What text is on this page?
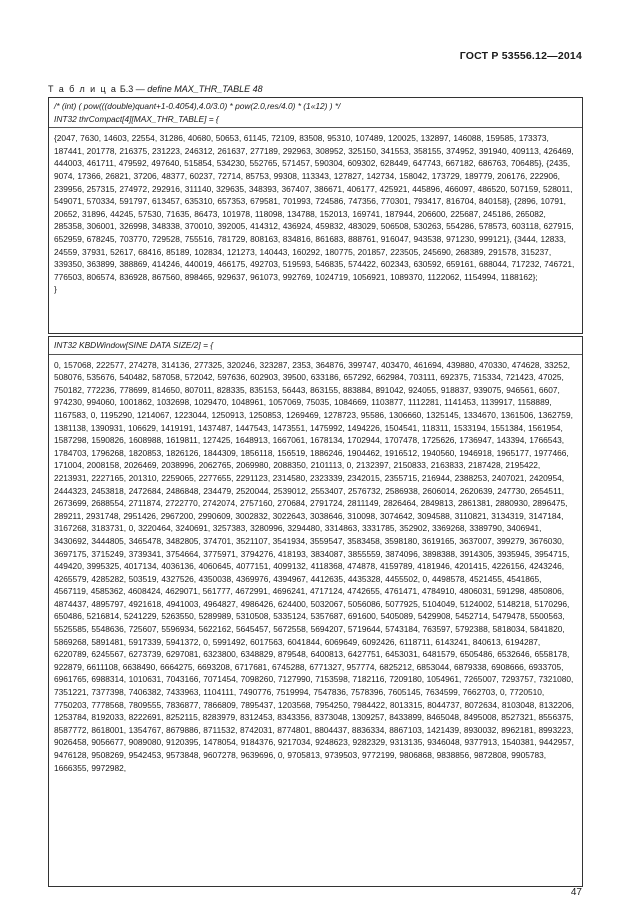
ГОСТ Р 53556.12—2014
Т а б л и ц а Б.3 — define MAX_THR_TABLE 48
/* (int) ( pow(((double)quant+1-0.4054),4.0/3.0) * pow(2.0,res/4.0) * (1«12) ) */
INT32 thrCompact[4][MAX_THR_TABLE] = {
{2047, 7630, 14603, 22554, 31286, 40680, 50653, 61145, 72109, 83508, 95310, 107489, 120025, 132897, 146088, 159585, 173373, 187441, 201778, 216375, 231223, 246312, 261637, 277189, 292963, 308952, 325150, 341553, 358155, 374952, 391940, 409113, 426469, 444003, 461711, 479592, 497640, 515854, 534230, 552765, 571457, 590304, 609302, 628449, 647743, 667182, 686763, 706485}, {2435, 9074, 17366, 26821, 37206, 48377, 60237, 72714, 85753, 99308, 113343, 127827, 142734, 158042, 173729, 189779, 206176, 222906, 239956, 257315, 274972, 292916, 311140, 329635, 348393, 367407, 386671, 406177, 425921, 445896, 466097, 486520, 507159, 528011, 549071, 570334, 591797, 613457, 635310, 657353, 679581, 701993, 724586, 747356, 770301, 793417, 816704, 840158}, {2896, 10791, 20652, 31896, 44245, 57530, 71635, 86473, 101978, 118098, 134788, 152013, 169741, 187944, 206600, 225687, 245186, 265082, 285358, 306001, 326998, 348338, 370010, 392005, 414312, 436924, 459832, 483029, 506508, 530263, 554286, 578573, 603118, 627915, 652959, 678245, 703770, 729528, 755516, 781729, 808163, 834816, 861683, 888761, 916047, 943538, 971230, 999121}, {3444, 12833, 24559, 37931, 52617, 68416, 85189, 102834, 121273, 140443, 160292, 180775, 201857, 223505, 245690, 268389, 291578, 315237, 339350, 363899, 388869, 414246, 440019, 466175, 492703, 519593, 546835, 574422, 602343, 630592, 659161, 688044, 717232, 746721, 776503, 806574, 836928, 867560, 898465, 929637, 961073, 992769, 1024719, 1056921, 1089370, 1122062, 1154994, 1188162};
}
INT32 KBDWindow[SINE DATA SIZE/2] = {
0, 157068, 222577, 274278, 314136, 277325, 320246, 323287, 2353, 364876, 399747, 403470, 461694, 439880, 470330, 474628, 33252, 508076, 535676, 540482, 587058, 572042, 597636, 602903, 39500, 633186, 657292, 662984, 703111, 692375, 715334, 721423, 47025, 750182, 772236, 778699, 814650, 807011, 828335, 835153, 56443, 863155, 883884, 891042, 924055, 918837, 939075, 946561, 6607, 974230, 994060, 1001862, 1032698, 1029470, 1048961, 1057069, 75035, 1084669, 1103877, 1112281, 1141453, 1139917, 1158889, 1167583, 0, 1195290, 1214067, 1223044, 1250913, 1250853, 1269469, 1278723, 95586, 1306660, 1325145, 1334670, 1361506, 1362759, 1381138, 1390931, 106629, 1419191, 1437487, 1447543, 1473551, 1475992, 1494226, 1504541, 118311, 1533194, 1551384, 1561954, 1587298, 1590826, 1608988, 1619811, 127425, 1648913, 1667061, 1678134, 1702944, 1707478, 1725626, 1736947, 143394, 1766543, 1784703, 1796268, 1820853, 1826126, 1844309, 1856118, 156519, 1886246, 1904462, 1916512, 1940560, 1946918, 1965177, 1977466, 171004, 2008158, 2026469, 2038996, 2062765, 2069980, 2088350, 2101113, 0, 2132397, 2150833, 2163833, 2187428, 2195422, 2213931, 2227165, 201310, 2259065, 2277655, 2291123, 2314580, 2323339, 2342015, 2355715, 216944, 2388253, 2407021, 2420954, 2444323, 2453818, 2472684, 2486848, 234479, 2520044, 2539012, 2553407, 2576732, 2586938, 2606014, 2620639, 247730, 2654511, 2673699, 2688554, 2711874, 2722770, 2742074, 2757160, 270684, 2791724, 2811149, 2826464, 2849813, 2861381, 2880930, 2896475, 289211, 2931748, 2951426, 2967200, 2990609, 3002832, 3022643, 3038646, 310098, 3074642, 3094588, 3110821, 3134319, 3147184, 3167268, 3183731, 0, 3220464, 3240691, 3257383, 3280996, 3294480, 3314863, 3331785, 352902, 3369268, 3389790, 3406941, 3430692, 3444805, 3465478, 3482805, 374701, 3521107, 3541934, 3559547, 3583458, 3598180, 3619165, 3637007, 399279, 3676030, 3697175, 3715249, 3739341, 3754664, 3775971, 3794276, 418193, 3834087, 3855559, 3874096, 3898388, 3914305, 3935945, 3954715, 449420, 3995325, 4017134, 4036136, 4060645, 4077151, 4099132, 4118368, 474878, 4159789, 4181946, 4201415, 4226156, 4243246, 4265579, 4285282, 503519, 4327526, 4350038, 4369976, 4394967, 4412635, 4435328, 4455502, 0, 4498578, 4521455, 4541865, 4567119, 4585362, 4608424, 4629071, 561777, 4672991, 4696241, 4717124, 4742655, 4761471, 4784910, 4806031, 591298, 4850806, 4874437, 4895797, 4921618, 4941003, 4964827, 4986426, 624400, 5032067, 5056086, 5077925, 5104049, 5124002, 5148218, 5170296, 650486, 5216814, 5241229, 5263550, 5289989, 5310508, 5335124, 5357687, 691600, 5405089, 5429908, 5452714, 5479478, 5500563, 5525585, 5548636, 725607, 5596934, 5622162, 5645457, 5672558, 5694207, 5719644, 5743184, 763597, 5792388, 5818034, 5841820, 5869268, 5891481, 5917339, 5941372, 0, 5991492, 6017563, 6041844, 6069649, 6092426, 6118711, 6143241, 840613, 6194287, 6220789, 6245567, 6273739, 6297081, 6323800, 6348829, 879548, 6400813, 6427751, 6453031, 6481579, 6505486, 6532646, 6558178, 922879, 6611108, 6638490, 6664275, 6693208, 6717681, 6745288, 6771327, 957774, 6825212, 6853044, 6879338, 6908666, 6933705, 6961765, 6988314, 1010631, 7043166, 7071454, 7098260, 7127990, 7153598, 7182116, 7209180, 1054961, 7265007, 7293757, 7321080, 7351221, 7377398, 7406382, 7433963, 1104111, 7490776, 7519994, 7547836, 7578396, 7605145, 7634599, 7662703, 0, 7720510, 7750203, 7778568, 7809555, 7836877, 7866809, 7895437, 1203568, 7954250, 7984422, 8013315, 8044737, 8072634, 8103048, 8132206, 1253784, 8192033, 8222691, 8252115, 8283979, 8312453, 8343356, 8373048, 1309257, 8433899, 8465048, 8495008, 8527321, 8556375, 8587772, 8618001, 1354767, 8679886, 8711532, 8742031, 8774801, 8804437, 8836334, 8867103, 1421439, 8930032, 8962181, 8993223, 9026458, 9056677, 9089080, 9120395, 1478054, 9184376, 9217034, 9248623, 9282329, 9313135, 9346048, 9377913, 1540381, 9442957, 9476128, 9508269, 9542453, 9573848, 9607278, 9639696, 0, 9705813, 9739503, 9772199, 9806868, 9838856, 9872808, 9905783, 1666355, 9972982,
47
